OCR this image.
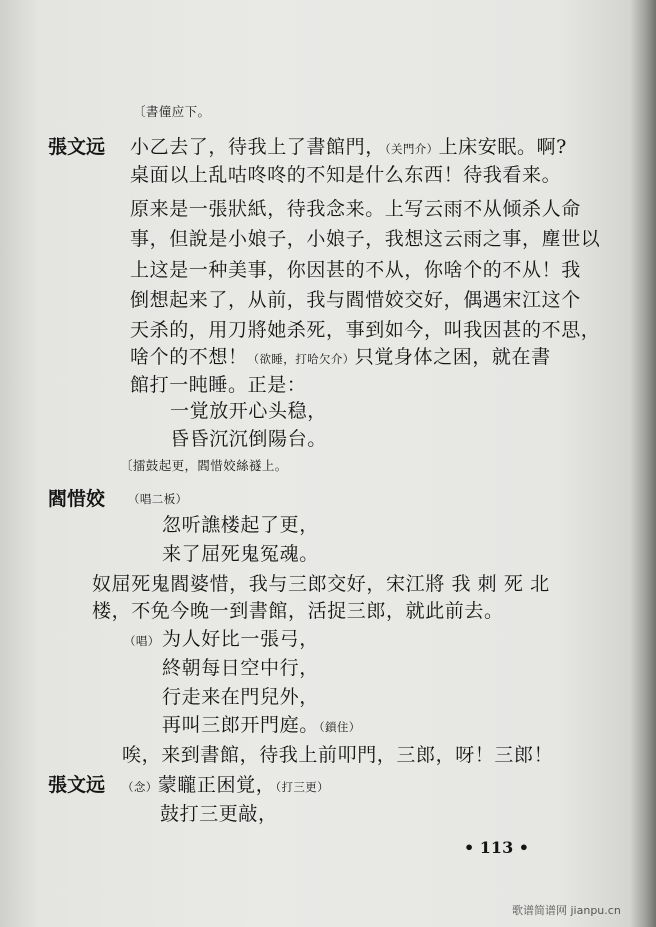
〔書僮应下。
張文远 小乙去了，待我上了書館門，（关門介）上床安眠。啊?
桌面以上乱咕咚咚的不知是什么东西！待我看来。
原来是一張狀紙，待我念来。上写云雨不从倾杀人命
事，但說是小娘子，小娘子，我想这云雨之事，塵世以
上这是一种美事，你因甚的不从，你啥个的不从！我
倒想起来了，从前，我与閻惜姣交好，偶遇宋江这个
天杀的，用刀將她杀死，事到如今，叫我因甚的不思，
啥个的不想！（欲睡，打哈欠介）只覚身体之困，就在書
館打一盹睡。正是：
一覚放开心头稳，
昏昏沉沉倒陽台。
〔擂鼓起更，閻惜姣絲襚上。
閻惜姣 （唱二板）
忽听譙楼起了更，
来了屈死鬼冤魂。
奴屈死鬼閻婆惜，我与三郎交好，宋江將 我 刺 死 北
楼，不免今晚一到書館，活捉三郎，就此前去。
（唱） 为人好比一張弓，
終朝每日空中行，
行走来在門兒外，
再叫三郎开門庭。（鎖住）
唉，来到書館，待我上前叩門，三郎，呀！三郎！
張文远 （念）蒙矓正困覚，（打三更）
鼓打三更敲，
• 113 •
歌谱简谱网 jianpu.cn
